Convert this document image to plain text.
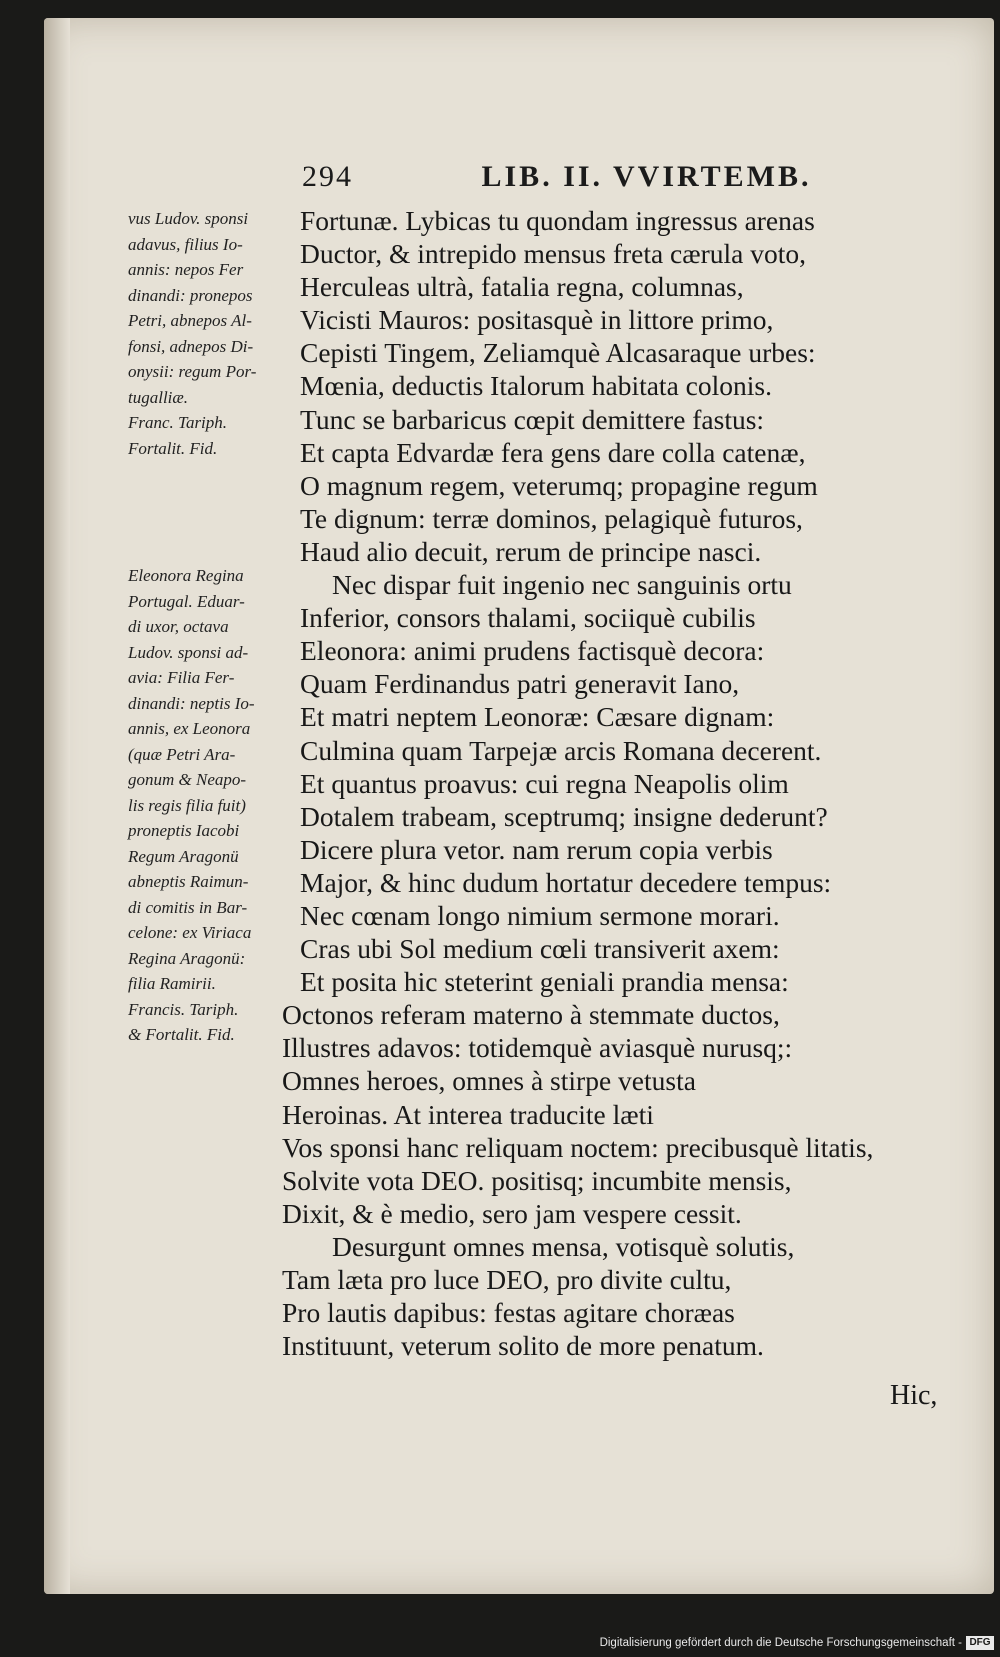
294	LIB. II. VVIRTEMB.
vus Ludov. sponsi
adavus, filius Io-
annis: nepos Fer
dinandi: pronepos
Petri, abnepos Al-
fonsi, adnepos Di-
onysii: regum Por-
tugalliæ.
Franc. Tariph.
Fortalit. Fid.
Eleonora Regina
Portugal. Eduar-
di uxor, octava
Ludov. sponsi ad-
avia: Filia Fer-
dinandi: neptis Io-
annis, ex Leonora
(quæ Petri Ara-
gonum & Neapo-
lis regis filia fuit)
proneptis Iacobi
Regum Aragonü
abneptis Raimun-
di comitis in Bar-
celone: ex Viriaca
Regina Aragonü:
filia Ramirii.
Francis. Tariph.
& Fortalit. Fid.
Fortunæ. Lybicas tu quondam ingressus arenas
Ductor, & intrepido mensus freta cærula voto,
Herculeas ultrà, fatalia regna, columnas,
Vicisti Mauros: positasquè in littore primo,
Cepisti Tingem, Zeliamquè Alcasaraque urbes:
Mœnia, deductis Italorum habitata colonis.
Tunc se barbaricus cœpit demittere fastus:
Et capta Edvardæ fera gens dare colla catenæ,
O magnum regem, veterumq; propagine regum
Te dignum: terræ dominos, pelagiquè futuros,
Haud alio decuit, rerum de principe nasci.
Nec dispar fuit ingenio nec sanguinis ortu
Inferior, consors thalami, sociiquè cubilis
Eleonora: animi prudens factisquè decora:
Quam Ferdinandus patri generavit Iano,
Et matri neptem Leonoræ: Cæsare dignam:
Culmina quam Tarpejæ arcis Romana decerent.
Et quantus proavus: cui regna Neapolis olim
Dotalem trabeam, sceptrumq; insigne dederunt?
Dicere plura vetor. nam rerum copia verbis
Major, & hinc dudum hortatur decedere tempus:
Nec cœnam longo nimium sermone morari.
Cras ubi Sol medium cœli transiverit axem:
Et posita hic steterint geniali prandia mensa:
Octonos referam materno à stemmate ductos,
Illustres adavos: totidemquè aviasquè nurusq;:
Omnes heroes, omnes à stirpe vetusta
Heroinas. At interea traducite læti
Vos sponsi hanc reliquam noctem: precibusquè litatis,
Solvite vota DEO. positisq; incumbite mensis,
Dixit, & è medio, sero jam vespere cessit.
Desurgunt omnes mensa, votisquè solutis,
Tam læta pro luce DEO, pro divite cultu,
Pro lautis dapibus: festas agitare choræas
Instituunt, veterum solito de more penatum.
Hic,
Digitalisierung gefördert durch die Deutsche Forschungsgemeinschaft - DFG
